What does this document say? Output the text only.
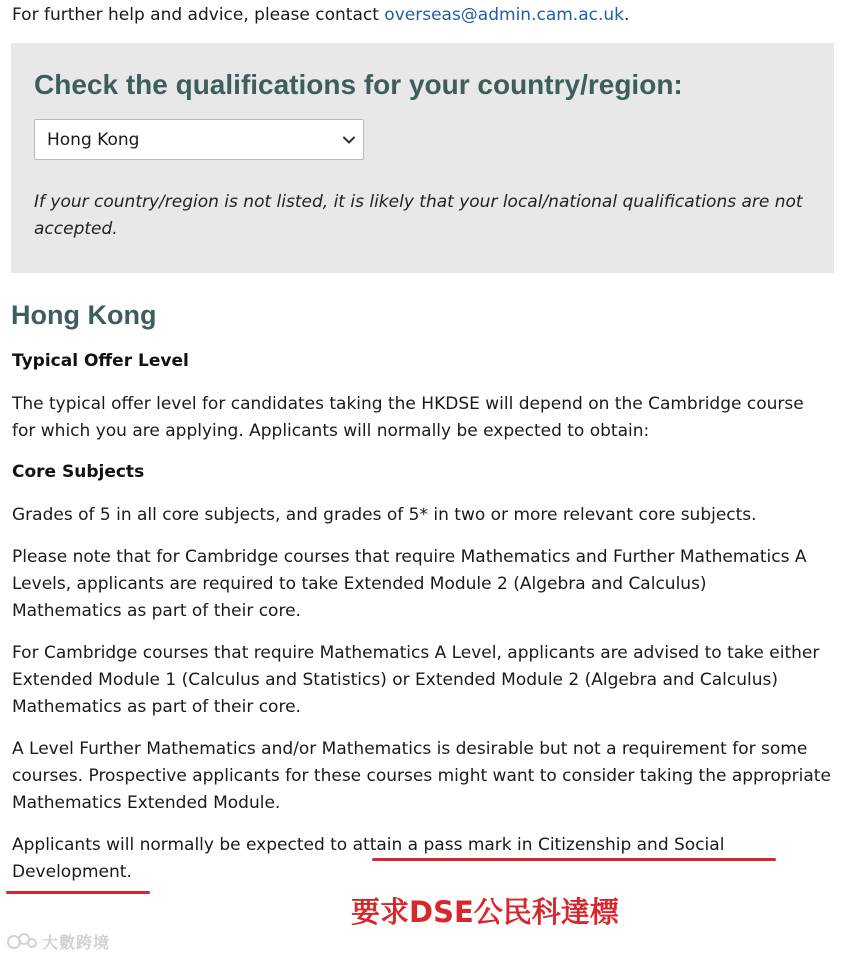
For further help and advice, please contact overseas@admin.cam.ac.uk.

Check the qualifications for your country/region:
Hong Kong

If your country/region is not listed, it is likely that your local/national qualifications are not accepted.

Hong Kong
Typical Offer Level

The typical offer level for candidates taking the HKDSE will depend on the Cambridge course for which you are applying. Applicants will normally be expected to obtain:

Core Subjects

Grades of 5 in all core subjects, and grades of 5* in two or more relevant core subjects.

Please note that for Cambridge courses that require Mathematics and Further Mathematics A Levels, applicants are required to take Extended Module 2 (Algebra and Calculus) Mathematics as part of their core.

For Cambridge courses that require Mathematics A Level, applicants are advised to take either Extended Module 1 (Calculus and Statistics) or Extended Module 2 (Algebra and Calculus) Mathematics as part of their core.

A Level Further Mathematics and/or Mathematics is desirable but not a requirement for some courses. Prospective applicants for these courses might want to consider taking the appropriate Mathematics Extended Module.

Applicants will normally be expected to attain a pass mark in Citizenship and Social Development.

要求DSE公民科達標
大數跨境
